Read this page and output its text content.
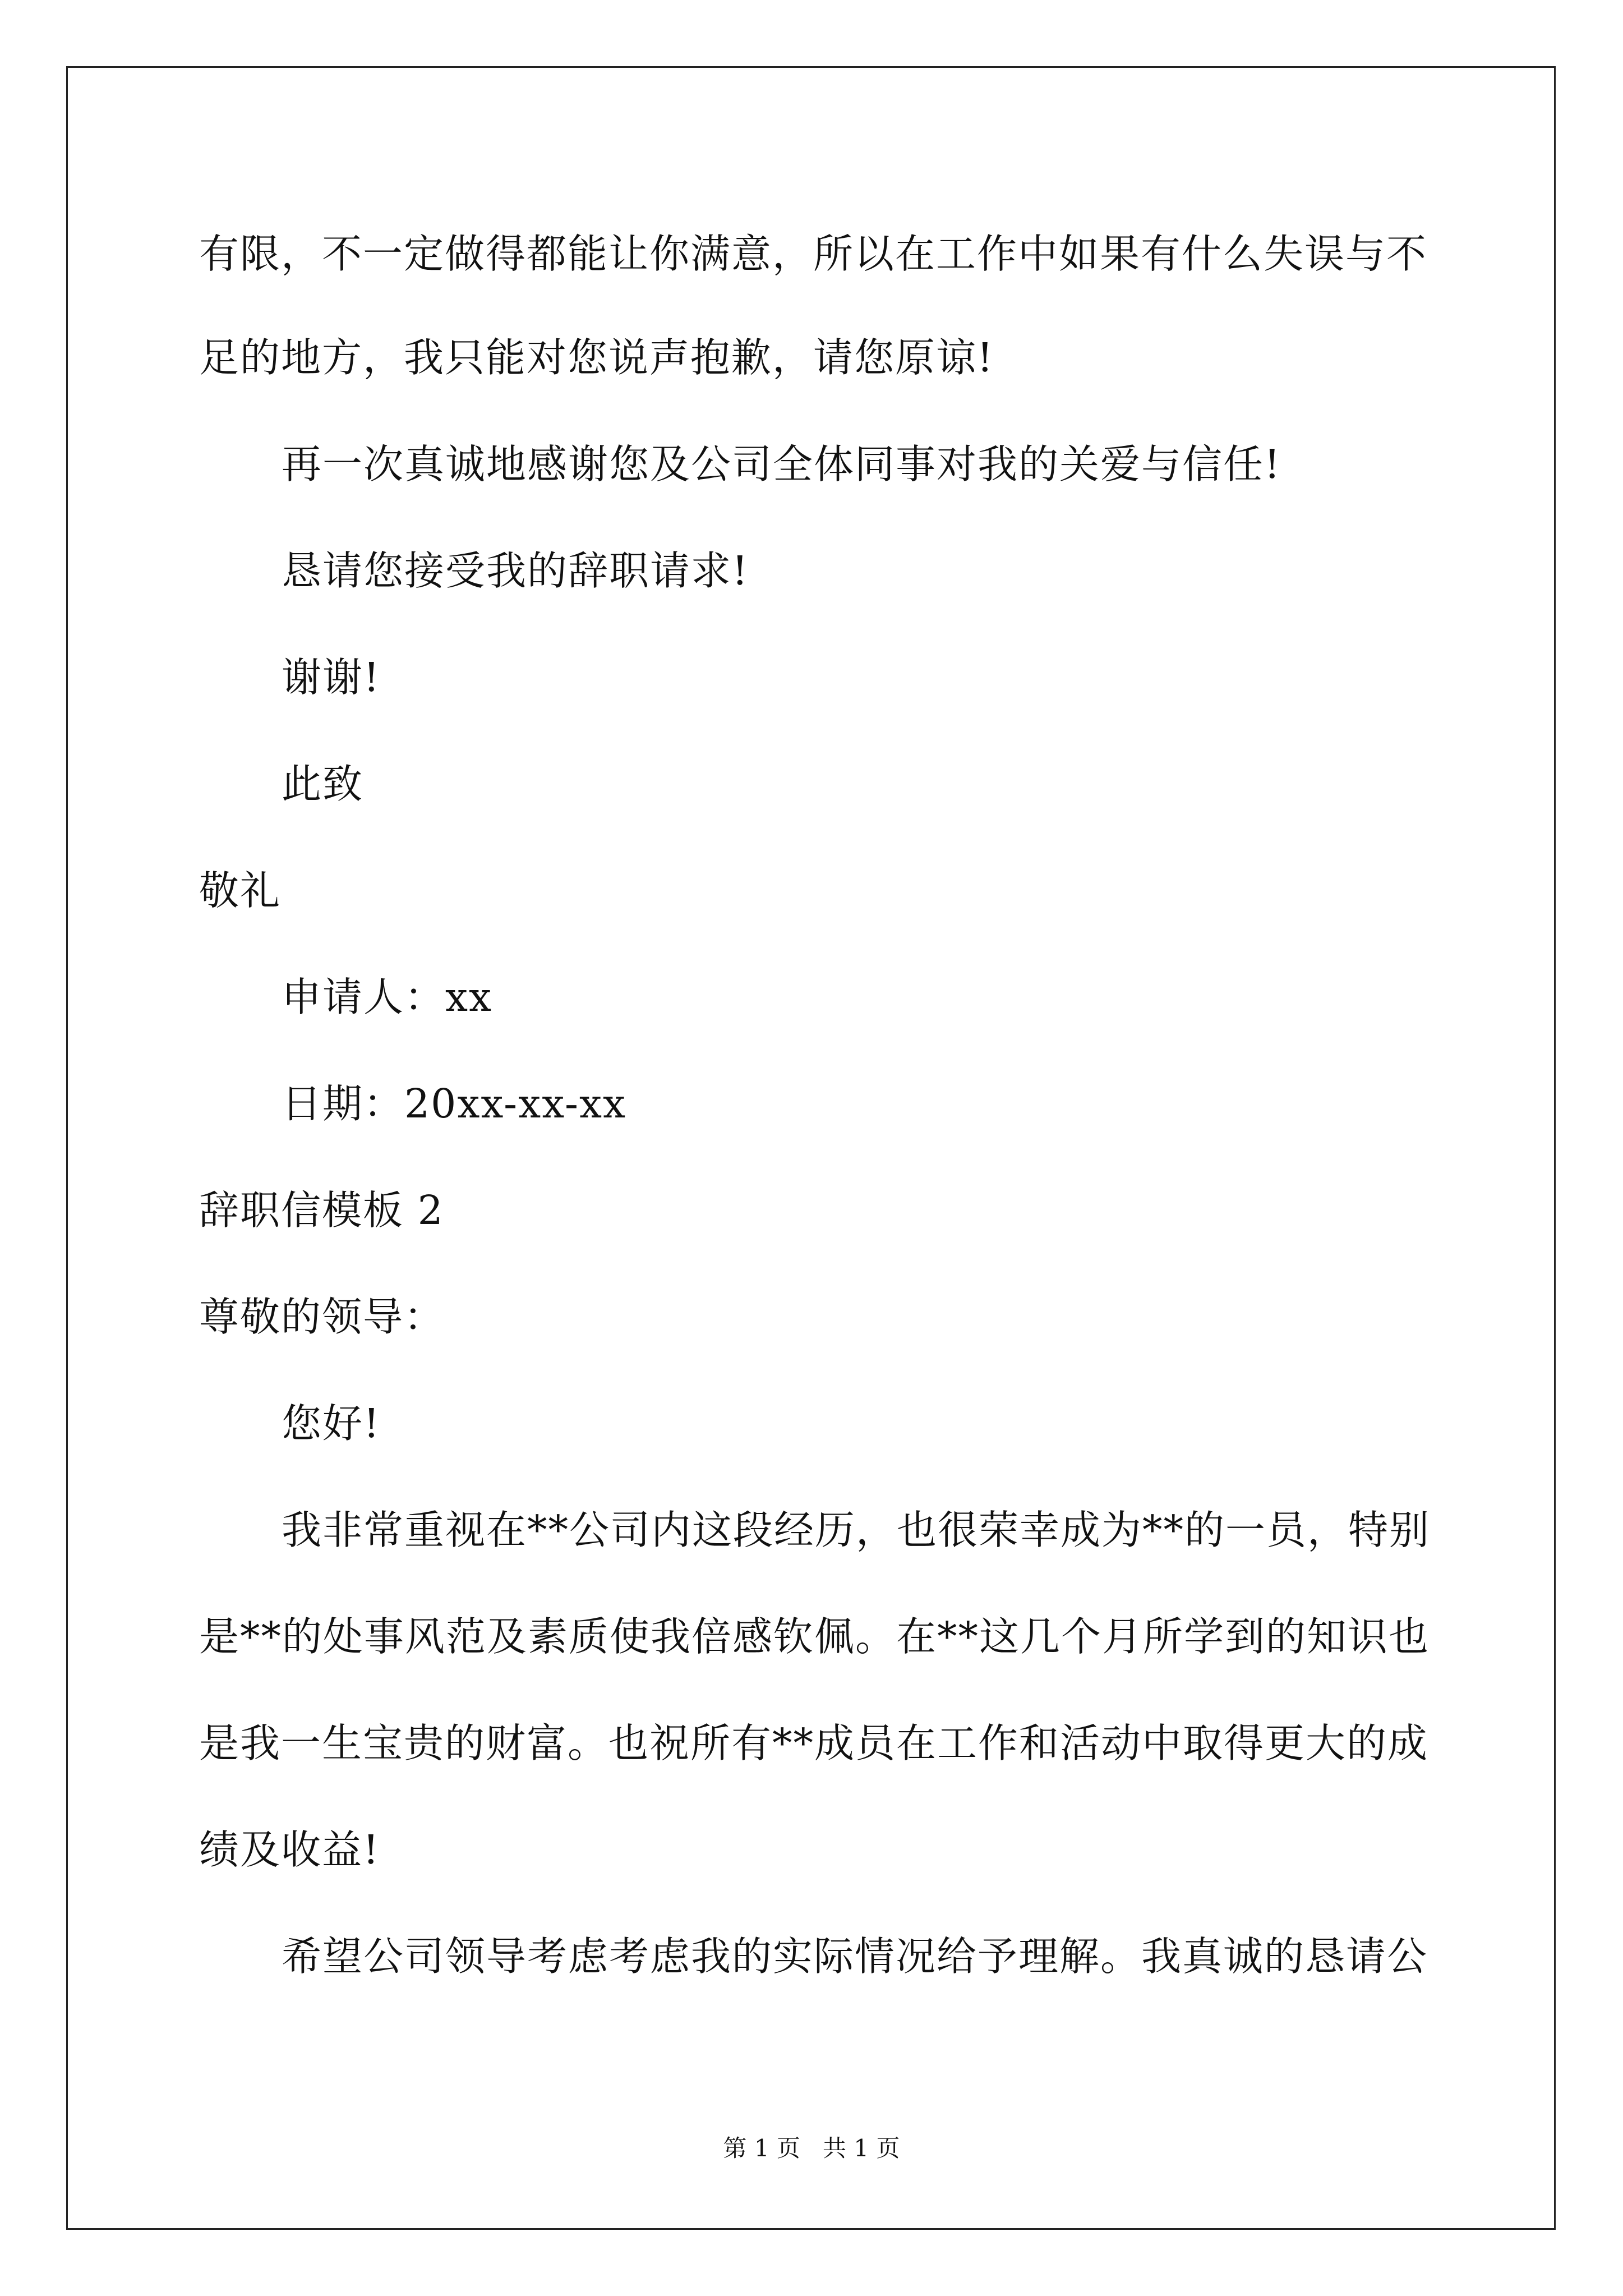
有限，不一定做得都能让你满意，所以在工作中如果有什么失误与不
足的地方，我只能对您说声抱歉，请您原谅!
再一次真诚地感谢您及公司全体同事对我的关爱与信任!
恳请您接受我的辞职请求!
谢谢!
此致
敬礼
申请人：xx
日期：20xx-xx-xx
辞职信模板 2
尊敬的领导：
您好!
我非常重视在**公司内这段经历，也很荣幸成为**的一员，特别
是**的处事风范及素质使我倍感钦佩。在**这几个月所学到的知识也
是我一生宝贵的财富。也祝所有**成员在工作和活动中取得更大的成
绩及收益!
希望公司领导考虑考虑我的实际情况给予理解。我真诚的恳请公
第 1 页   共 1 页
